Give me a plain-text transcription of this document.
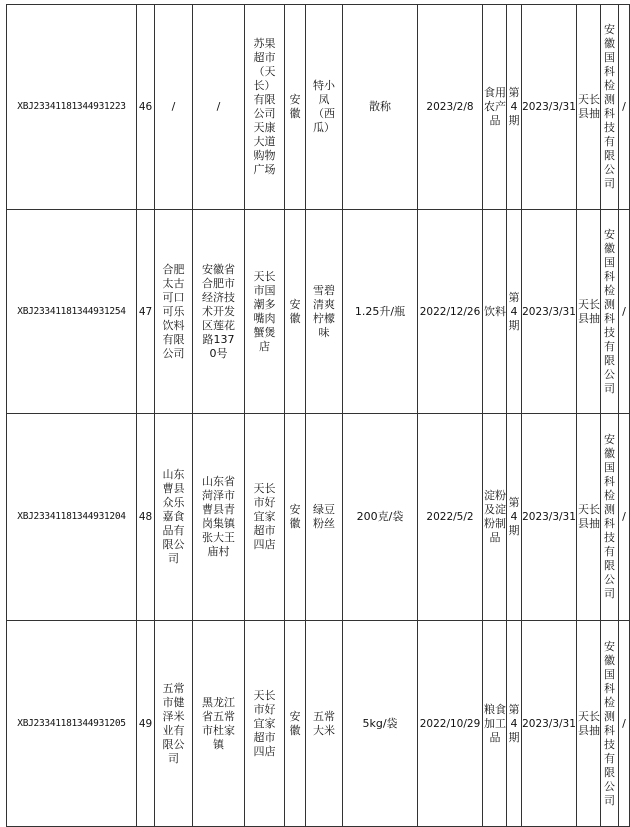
XBJ23341181344931223	46	/	/	苏果超市（天长）有限公司天康大道购物广场	安徽	特小凤（西瓜）	散称	2023/2/8	食用农产品	第4期	2023/3/31	天长县抽	安徽国科检测科技有限公司	/
XBJ23341181344931254	47	合肥太古可口可乐饮料有限公司	安徽省合肥市经济技术开发区莲花路1370号	天长市国潮多嘴肉蟹煲店	安徽	雪碧清爽柠檬味	1.25升/瓶	2022/12/26	饮料	第4期	2023/3/31	天长县抽	安徽国科检测科技有限公司	/
XBJ23341181344931204	48	山东曹县众乐嘉食品有限公司	山东省菏泽市曹县青岗集镇张大王庙村	天长市好宜家超市四店	安徽	绿豆粉丝	200克/袋	2022/5/2	淀粉及淀粉制品	第4期	2023/3/31	天长县抽	安徽国科检测科技有限公司	/
XBJ23341181344931205	49	五常市健泽米业有限公司	黑龙江省五常市杜家镇	天长市好宜家超市四店	安徽	五常大米	5kg/袋	2022/10/29	粮食加工品	第4期	2023/3/31	天长县抽	安徽国科检测科技有限公司	/
